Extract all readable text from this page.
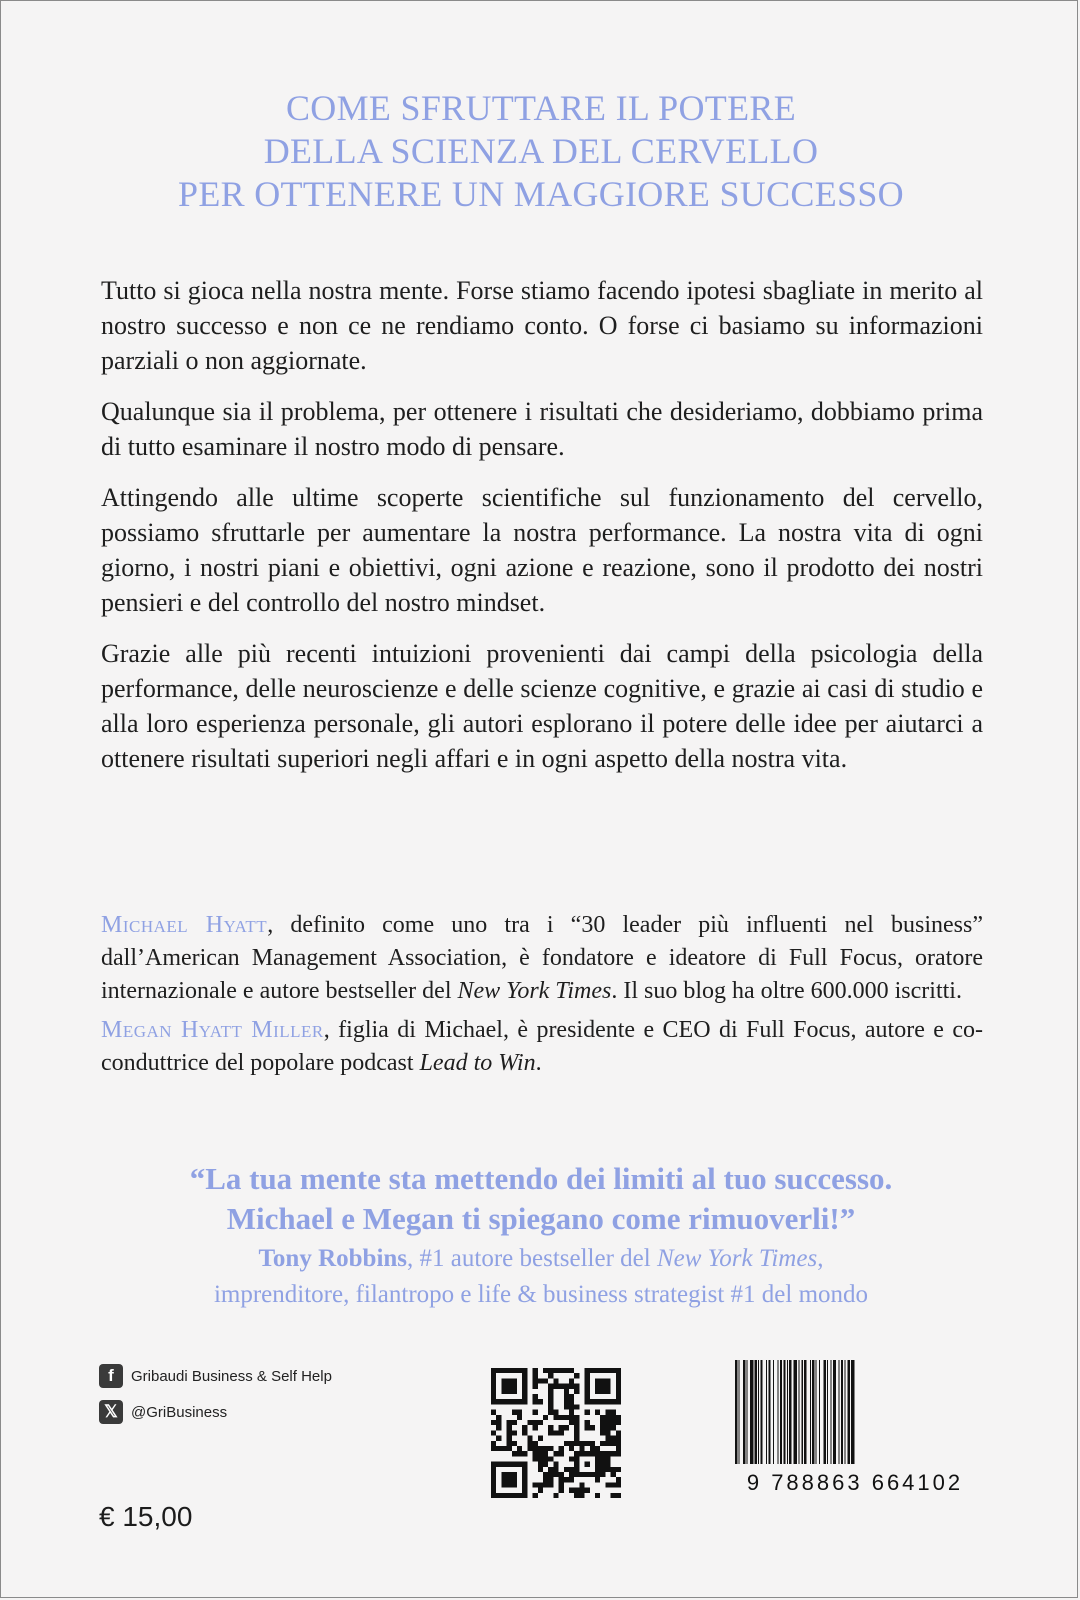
COME SFRUTTARE IL POTERE
DELLA SCIENZA DEL CERVELLO
PER OTTENERE UN MAGGIORE SUCCESSO

Tutto si gioca nella nostra mente. Forse stiamo facendo ipotesi sbagliate in merito al nostro successo e non ce ne rendiamo conto. O forse ci basiamo su informazioni parziali o non aggiornate.

Qualunque sia il problema, per ottenere i risultati che desideriamo, dobbiamo prima di tutto esaminare il nostro modo di pensare.

Attingendo alle ultime scoperte scientifiche sul funzionamento del cervello, possiamo sfruttarle per aumentare la nostra performance. La nostra vita di ogni giorno, i nostri piani e obiettivi, ogni azione e reazione, sono il prodotto dei nostri pensieri e del controllo del nostro mindset.

Grazie alle più recenti intuizioni provenienti dai campi della psicologia della performance, delle neuroscienze e delle scienze cognitive, e grazie ai casi di studio e alla loro esperienza personale, gli autori esplorano il potere delle idee per aiutarci a ottenere risultati superiori negli affari e in ogni aspetto della nostra vita.

Michael Hyatt, definito come uno tra i “30 leader più influenti nel business” dall’American Management Association, è fondatore e ideatore di Full Focus, oratore internazionale e autore bestseller del New York Times. Il suo blog ha oltre 600.000 iscritti.

Megan Hyatt Miller, figlia di Michael, è presidente e CEO di Full Focus, autore e co-conduttrice del popolare podcast Lead to Win.

“La tua mente sta mettendo dei limiti al tuo successo.
Michael e Megan ti spiegano come rimuoverli!”
Tony Robbins, #1 autore bestseller del New York Times,
imprenditore, filantropo e life & business strategist #1 del mondo
f	Gribaudi Business & Self Help
𝕏 @GriBusiness
€ 15,00
9 788863 664102
